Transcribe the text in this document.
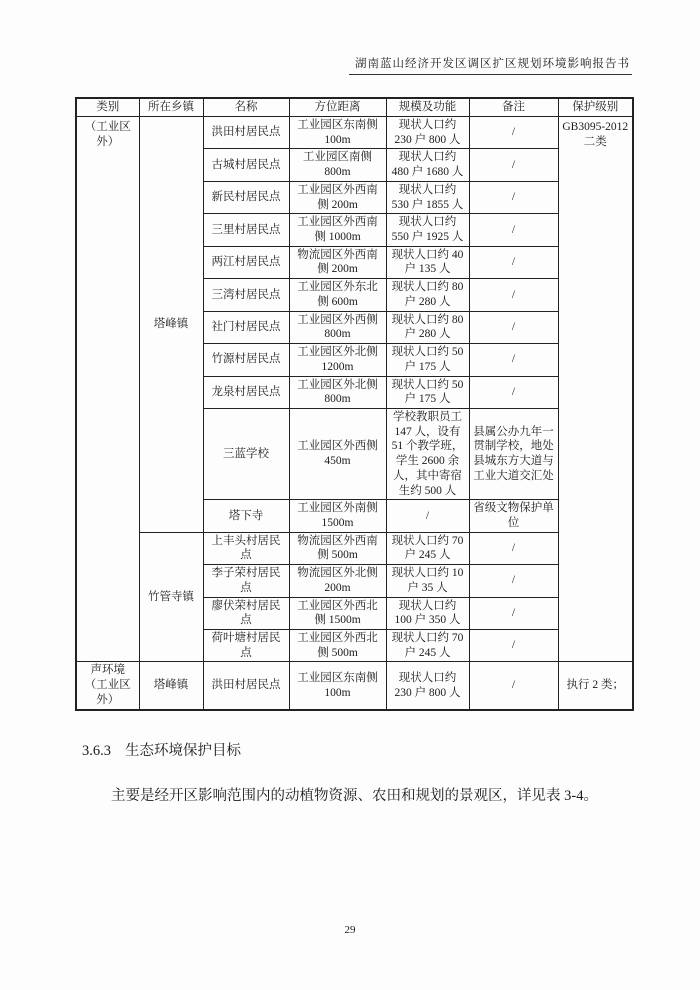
湖南蓝山经济开发区调区扩区规划环境影响报告书
类别	所在乡镇	名称	方位距离	规模及功能	备注	保护级别
（工业区外）	塔峰镇	洪田村居民点	工业园区东南侧 100m	现状人口约 230 户 800 人	/	GB3095-2012 二类
		古城村居民点	工业园区南侧 800m	现状人口约 480 户 1680 人	/	
		新民村居民点	工业园区外西南侧 200m	现状人口约 530 户 1855 人	/	
		三里村居民点	工业园区外西南侧 1000m	现状人口约 550 户 1925 人	/	
		两江村居民点	物流园区外西南侧 200m	现状人口约 40 户 135 人	/	
		三湾村居民点	工业园区外东北侧 600m	现状人口约 80 户 280 人	/	
		社门村居民点	工业园区外西侧 800m	现状人口约 80 户 280 人	/	
		竹源村居民点	工业园区外北侧 1200m	现状人口约 50 户 175 人	/	
		龙泉村居民点	工业园区外北侧 800m	现状人口约 50 户 175 人	/	
		三蓝学校	工业园区外西侧 450m	学校教职员工 147 人，设有 51 个教学班，学生 2600 余人，其中寄宿生约 500 人	县属公办九年一贯制学校，地处县城东方大道与工业大道交汇处	
		塔下寺	工业园区外南侧 1500m	/	省级文物保护单位	
	竹管寺镇	上丰头村居民点	物流园区外西南侧 500m	现状人口约 70 户 245 人	/	
		李子荣村居民点	物流园区外北侧 200m	现状人口约 10 户 35 人	/	
		廖伏荣村居民点	工业园区外西北侧 1500m	现状人口约 100 户 350 人	/	
		荷叶塘村居民点	工业园区外西北侧 500m	现状人口约 70 户 245 人	/	
声环境（工业区外）	塔峰镇	洪田村居民点	工业园区东南侧 100m	现状人口约 230 户 800 人	/	执行 2 类；
3.6.3 生态环境保护目标

主要是经开区影响范围内的动植物资源、农田和规划的景观区，详见表 3-4。

29
